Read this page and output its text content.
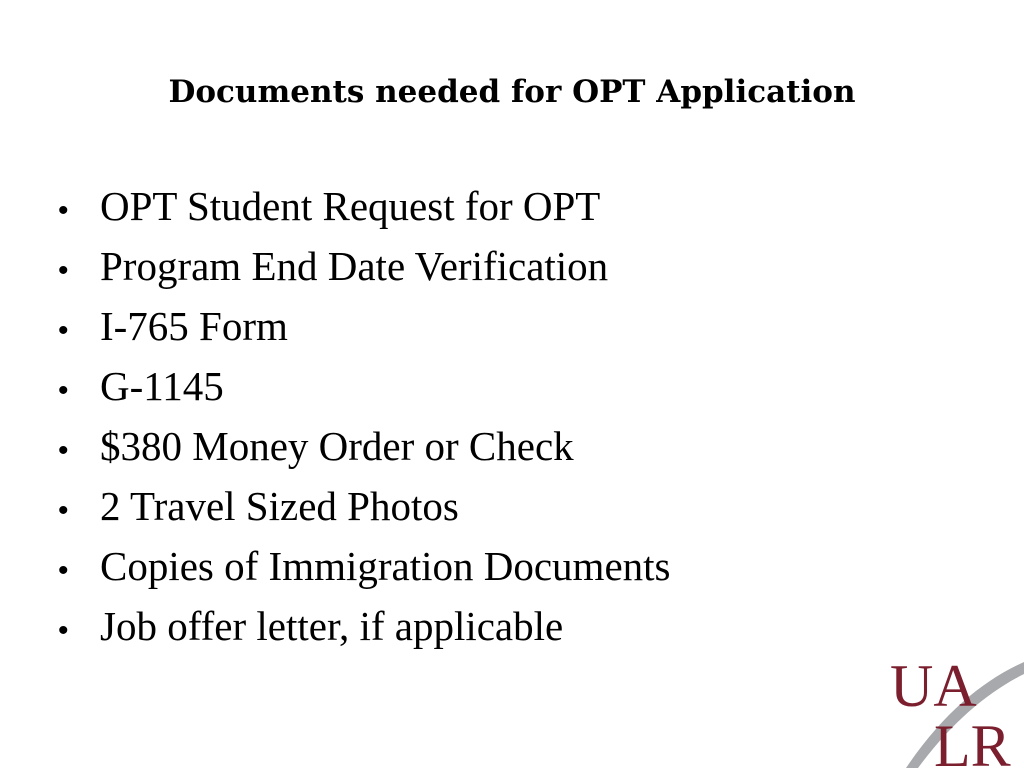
Documents needed for OPT Application
• OPT Student Request for OPT
• Program End Date Verification
• I-765 Form
• G-1145
• $380 Money Order or Check
• 2 Travel Sized Photos
• Copies of Immigration Documents
• Job offer letter, if applicable
UA
LR
